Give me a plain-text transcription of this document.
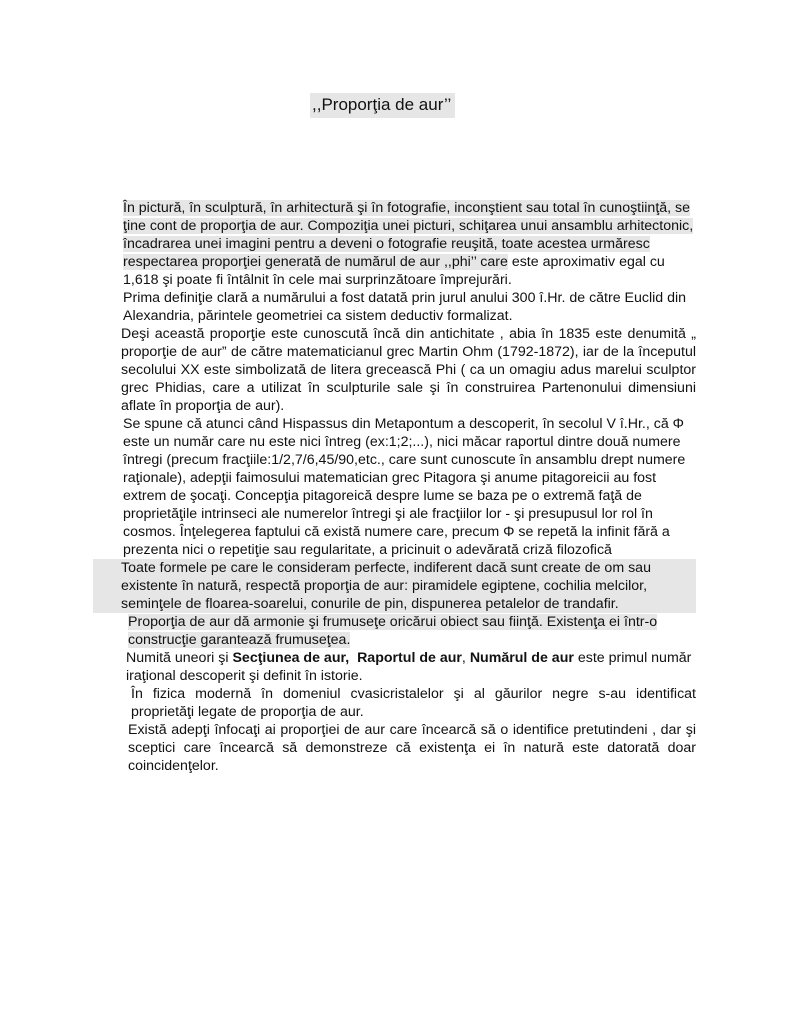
,,Proporţia de aur’’

În pictură, în sculptură, în arhitectură şi în fotografie, inconştient sau total în cunoştiinţă, se ţine cont de proporţia de aur. Compoziţia unei picturi, schiţarea unui ansamblu arhitectonic, încadrarea unei imagini pentru a deveni o fotografie reuşită, toate acestea urmăresc respectarea proporţiei generată de numărul de aur ,,phi’’ care este aproximativ egal cu 1,618 şi poate fi întâlnit în cele mai surprinzătoare împrejurări.

Prima definiţie clară a numărului a fost datată prin jurul anului 300 î.Hr. de către Euclid din Alexandria, părintele geometriei ca sistem deductiv formalizat.

Deşi această proporţie este cunoscută încă din antichitate , abia în 1835 este denumită „ proporţie de aur” de către matematicianul grec Martin Ohm (1792-1872), iar de la începutul secolului XX este simbolizată de litera grecească Phi ( ca un omagiu adus marelui sculptor grec Phidias, care a utilizat în sculpturile sale şi în construirea Partenonului dimensiuni aflate în proporţia de aur).

Se spune că atunci când Hispassus din Metapontum a descoperit, în secolul V î.Hr., că Φ este un număr care nu este nici întreg (ex:1;2;...), nici măcar raportul dintre două numere întregi (precum fracţiile:1/2,7/6,45/90,etc., care sunt cunoscute în ansamblu drept numere raţionale), adepţii faimosului matematician grec Pitagora şi anume pitagoreicii au fost extrem de şocaţi. Concepţia pitagoreică despre lume se baza pe o extremă faţă de proprietăţile intrinseci ale numerelor întregi şi ale fracţiilor lor - şi presupusul lor rol în cosmos. Înţelegerea faptului că există numere care, precum Φ se repetă la infinit fără a prezenta nici o repetiţie sau regularitate, a pricinuit o adevărată criză filozofică

Toate formele pe care le consideram perfecte, indiferent dacă sunt create de om sau existente în natură, respectă proporţia de aur: piramidele egiptene, cochilia melcilor, seminţele de floarea-soarelui, conurile de pin, dispunerea petalelor de trandafir.

Proporţia de aur dă armonie şi frumuseţe oricărui obiect sau fiinţă. Existenţa ei într-o construcţie garantează frumuseţea.

Numită uneori şi Secţiunea de aur, Raportul de aur, Numărul de aur este primul număr iraţional descoperit şi definit în istorie.

În fizica modernă în domeniul cvasicristalelor şi al găurilor negre s-au identificat proprietăţi legate de proporţia de aur.

Există adepţi înfocaţi ai proporţiei de aur care încearcă să o identifice pretutindeni , dar şi sceptici care încearcă să demonstreze că existenţa ei în natură este datorată doar coincidenţelor.
